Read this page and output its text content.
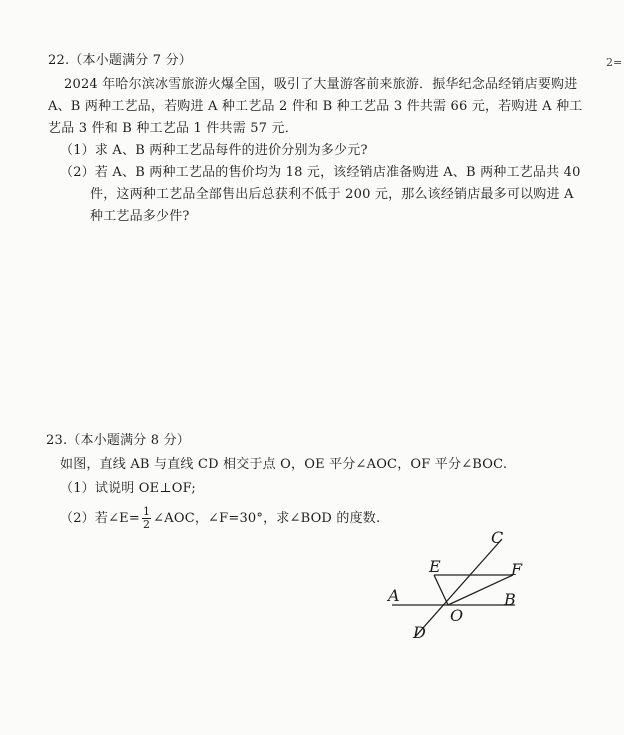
2=
22.（本小题满分 7 分）
2024 年哈尔滨冰雪旅游火爆全国，吸引了大量游客前来旅游．振华纪念品经销店要购进
A、B 两种工艺品，若购进 A 种工艺品 2 件和 B 种工艺品 3 件共需 66 元，若购进 A 种工
艺品 3 件和 B 种工艺品 1 件共需 57 元．
（1）求 A、B 两种工艺品每件的进价分别为多少元?
（2）若 A、B 两种工艺品的售价均为 18 元，该经销店准备购进 A、B 两种工艺品共 40
件，这两种工艺品全部售出后总获利不低于 200 元，那么该经销店最多可以购进 A
种工艺品多少件?
23.（本小题满分 8 分）
如图，直线 AB 与直线 CD 相交于点 O，OE 平分∠AOC，OF 平分∠BOC.
（1）试说明 OE⊥OF;
（2）若∠E= $\frac{1}{2}$ ∠AOC，∠F=30°，求∠BOD 的度数.
A	B
C
D
E	F
O
